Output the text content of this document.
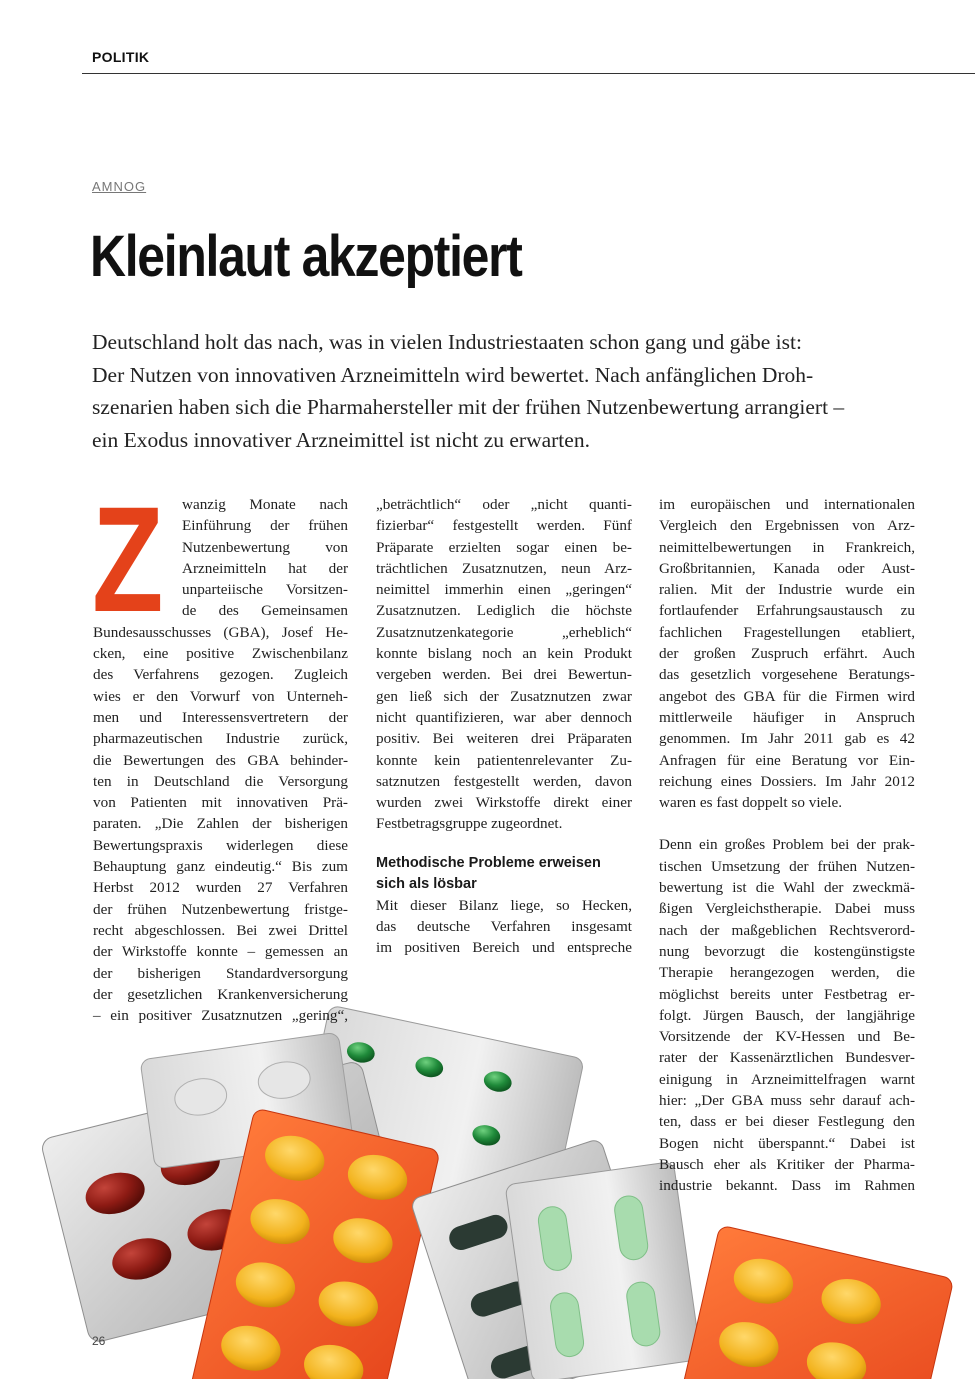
POLITIK
AMNOG
Kleinlaut akzeptiert
Deutschland holt das nach, was in vielen Industriestaaten schon gang und gäbe ist:
Der Nutzen von innovativen Arzneimitteln wird bewertet. Nach anfänglichen Droh-
szenarien haben sich die Pharmahersteller mit der frühen Nutzenbewertung arrangiert –
ein Exodus innovativer Arzneimittel ist nicht zu erwarten.
Z	wanzig Monate nach
Einführung der frühen
Nutzenbewertung von
Arzneimitteln hat der
unparteiische Vorsitzen-
de des Gemeinsamen
Bundesausschusses (GBA), Josef He-
cken, eine positive Zwischenbilanz
des Verfahrens gezogen. Zugleich
wies er den Vorwurf von Unterneh-
men und Interessensvertretern der
pharmazeutischen Industrie zurück,
die Bewertungen des GBA behinder-
ten in Deutschland die Versorgung
von Patienten mit innovativen Prä-
paraten. „Die Zahlen der bisherigen
Bewertungspraxis widerlegen diese
Behauptung ganz eindeutig.“ Bis zum
Herbst 2012 wurden 27 Verfahren
der frühen Nutzenbewertung fristge-
recht abgeschlossen. Bei zwei Drittel
der Wirkstoffe konnte – gemessen an
der bisherigen Standardversorgung
der gesetzlichen Krankenversicherung
– ein positiver Zusatznutzen „gering“,
„beträchtlich“ oder „nicht quanti-
fizierbar“ festgestellt werden. Fünf
Präparate erzielten sogar einen be-
trächtlichen Zusatznutzen, neun Arz-
neimittel immerhin einen „geringen“
Zusatznutzen. Lediglich die höchste
Zusatznutzenkategorie „erheblich“
konnte bislang noch an kein Produkt
vergeben werden. Bei drei Bewertun-
gen ließ sich der Zusatznutzen zwar
nicht quantifizieren, war aber dennoch
positiv. Bei weiteren drei Präparaten
konnte kein patientenrelevanter Zu-
satznutzen festgestellt werden, davon
wurden zwei Wirkstoffe direkt einer
Festbetragsgruppe zugeordnet.
Methodische Probleme erweisen
sich als lösbar
Mit dieser Bilanz liege, so Hecken,
das deutsche Verfahren insgesamt
im positiven Bereich und entspreche
im europäischen und internationalen
Vergleich den Ergebnissen von Arz-
neimittelbewertungen in Frankreich,
Großbritannien, Kanada oder Aust-
ralien. Mit der Industrie wurde ein
fortlaufender Erfahrungsaustausch zu
fachlichen Fragestellungen etabliert,
der großen Zuspruch erfährt. Auch
das gesetzlich vorgesehene Beratungs-
angebot des GBA für die Firmen wird
mittlerweile häufiger in Anspruch
genommen. Im Jahr 2011 gab es 42
Anfragen für eine Beratung vor Ein-
reichung eines Dossiers. Im Jahr 2012
waren es fast doppelt so viele.
Denn ein großes Problem bei der prak-
tischen Umsetzung der frühen Nutzen-
bewertung ist die Wahl der zweckmä-
ßigen Vergleichstherapie. Dabei muss
nach der maßgeblichen Rechtsverord-
nung bevorzugt die kostengünstigste
Therapie herangezogen werden, die
möglichst bereits unter Festbetrag er-
folgt. Jürgen Bausch, der langjährige
Vorsitzende der KV-Hessen und Be-
rater der Kassenärztlichen Bundesver-
einigung in Arzneimittelfragen warnt
hier: „Der GBA muss sehr darauf ach-
ten, dass er bei dieser Festlegung den
Bogen nicht überspannt.“ Dabei ist
Bausch eher als Kritiker der Pharma-
industrie bekannt. Dass im Rahmen
26
